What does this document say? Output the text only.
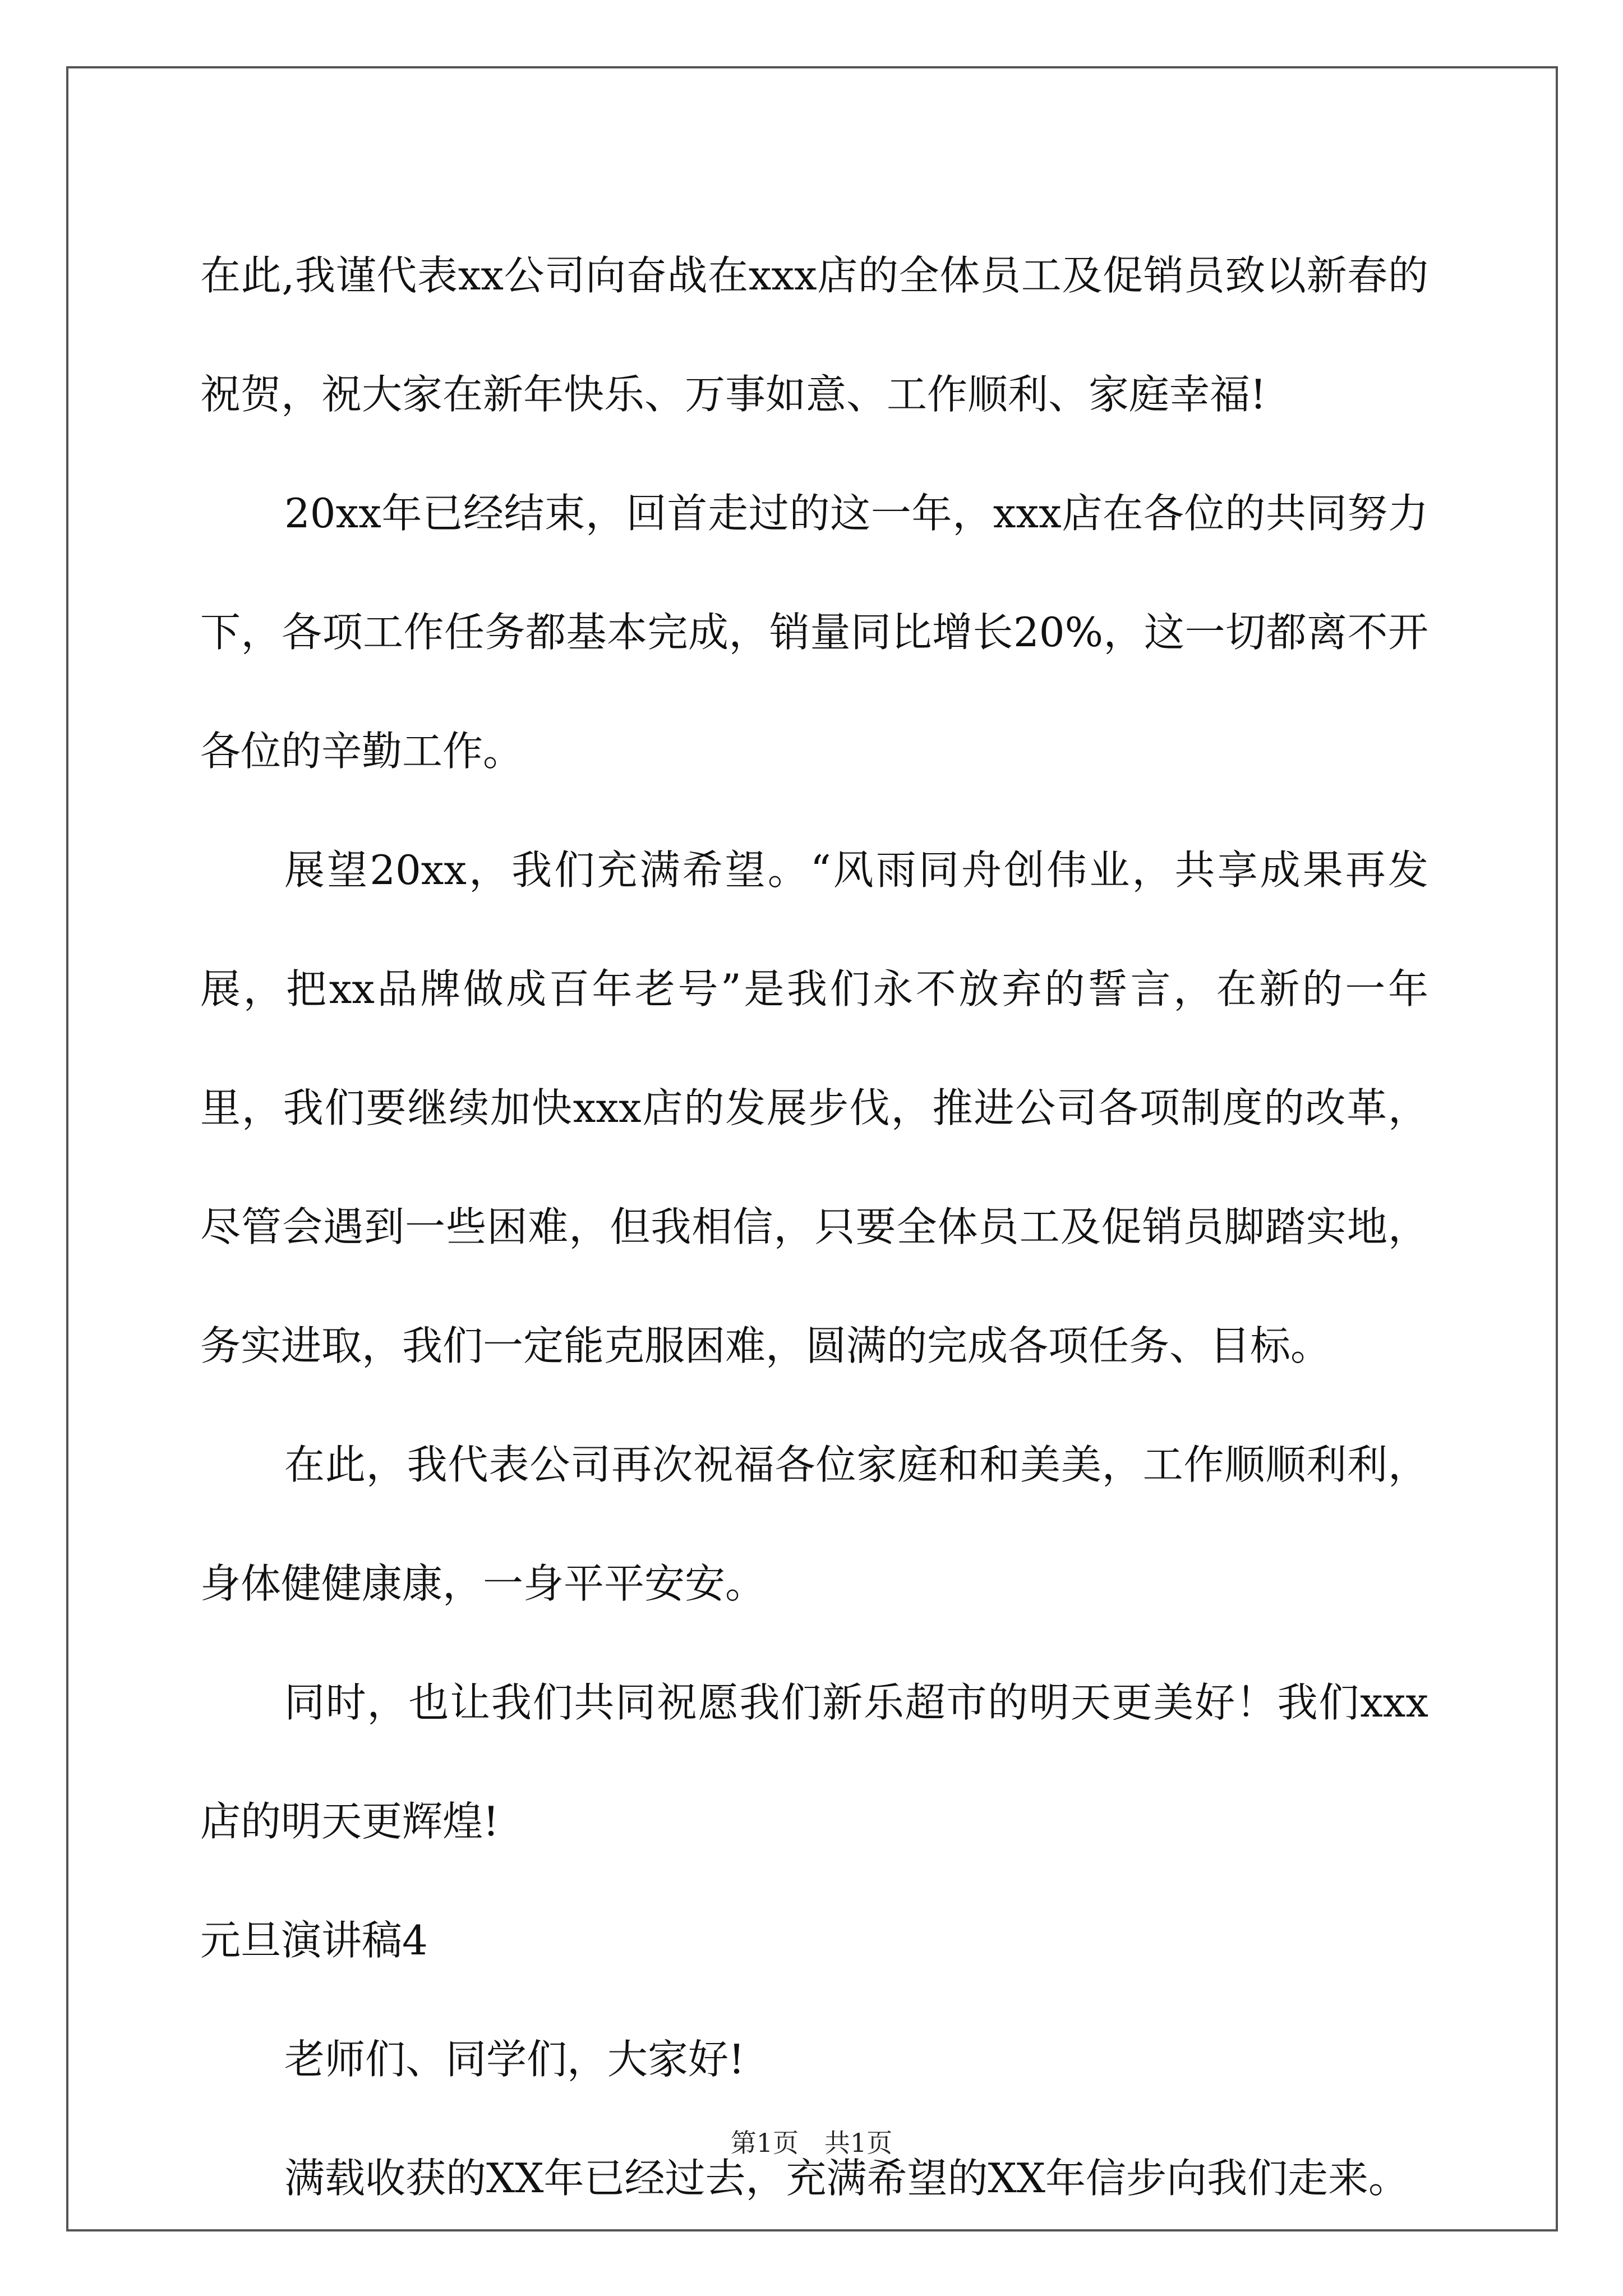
在此,我谨代表xx公司向奋战在xxx店的全体员工及促销员致以新春的祝贺，祝大家在新年快乐、万事如意、工作顺利、家庭幸福!

20xx年已经结束，回首走过的这一年，xxx店在各位的共同努力下，各项工作任务都基本完成，销量同比增长20%，这一切都离不开各位的辛勤工作。

展望20xx，我们充满希望。“风雨同舟创伟业，共享成果再发展，把xx品牌做成百年老号”是我们永不放弃的誓言，在新的一年里，我们要继续加快xxx店的发展步伐，推进公司各项制度的改革，尽管会遇到一些困难，但我相信，只要全体员工及促销员脚踏实地，务实进取，我们一定能克服困难，圆满的完成各项任务、目标。

在此，我代表公司再次祝福各位家庭和和美美，工作顺顺利利，身体健健康康，一身平平安安。

同时，也让我们共同祝愿我们新乐超市的明天更美好！我们xxx店的明天更辉煌!

元旦演讲稿4

老师们、同学们，大家好!

满载收获的XX年已经过去，充满希望的XX年信步向我们走来。

第1页　共1页
